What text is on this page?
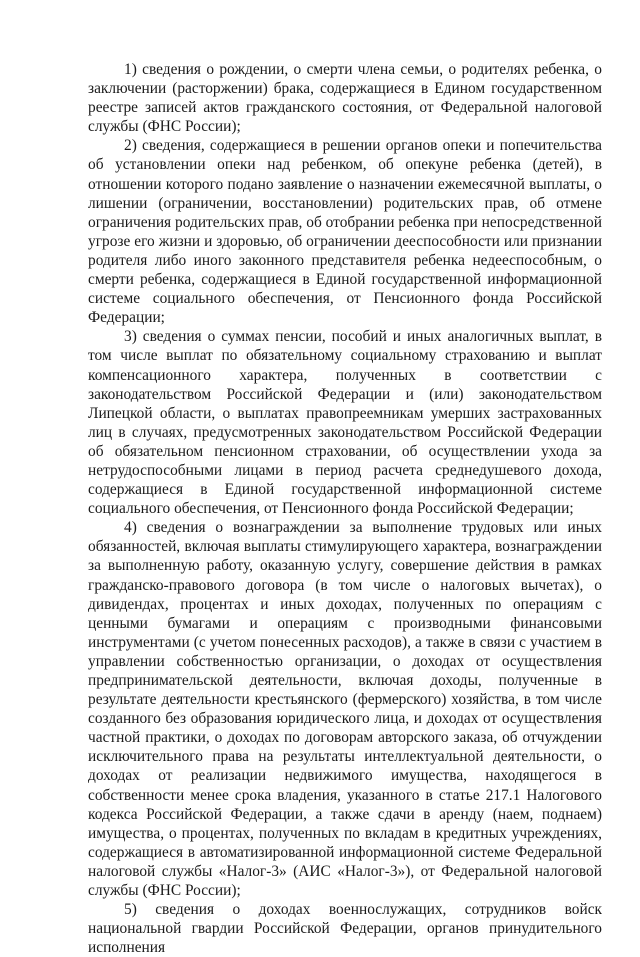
1) сведения о рождении, о смерти члена семьи, о родителях ребенка, о заключении (расторжении) брака, содержащиеся в Едином государственном реестре записей актов гражданского состояния, от Федеральной налоговой службы (ФНС России);

2) сведения, содержащиеся в решении органов опеки и попечительства об установлении опеки над ребенком, об опекуне ребенка (детей), в отношении которого подано заявление о назначении ежемесячной выплаты, о лишении (ограничении, восстановлении) родительских прав, об отмене ограничения родительских прав, об отобрании ребенка при непосредственной угрозе его жизни и здоровью, об ограничении дееспособности или признании родителя либо иного законного представителя ребенка недееспособным, о смерти ребенка, содержащиеся в Единой государственной информационной системе социального обеспечения, от Пенсионного фонда Российской Федерации;

3) сведения о суммах пенсии, пособий и иных аналогичных выплат, в том числе выплат по обязательному социальному страхованию и выплат компенсационного характера, полученных в соответствии с законодательством Российской Федерации и (или) законодательством Липецкой области, о выплатах правопреемникам умерших застрахованных лиц в случаях, предусмотренных законодательством Российской Федерации об обязательном пенсионном страховании, об осуществлении ухода за нетрудоспособными лицами в период расчета среднедушевого дохода, содержащиеся в Единой государственной информационной системе социального обеспечения, от Пенсионного фонда Российской Федерации;

4) сведения о вознаграждении за выполнение трудовых или иных обязанностей, включая выплаты стимулирующего характера, вознаграждении за выполненную работу, оказанную услугу, совершение действия в рамках гражданско-правового договора (в том числе о налоговых вычетах), о дивидендах, процентах и иных доходах, полученных по операциям с ценными бумагами и операциям с производными финансовыми инструментами (с учетом понесенных расходов), а также в связи с участием в управлении собственностью организации, о доходах от осуществления предпринимательской деятельности, включая доходы, полученные в результате деятельности крестьянского (фермерского) хозяйства, в том числе созданного без образования юридического лица, и доходах от осуществления частной практики, о доходах по договорам авторского заказа, об отчуждении исключительного права на результаты интеллектуальной деятельности, о доходах от реализации недвижимого имущества, находящегося в собственности менее срока владения, указанного в статье 217.1 Налогового кодекса Российской Федерации, а также сдачи в аренду (наем, поднаем) имущества, о процентах, полученных по вкладам в кредитных учреждениях, содержащиеся в автоматизированной информационной системе Федеральной налоговой службы «Налог-3» (АИС «Налог-3»), от Федеральной налоговой службы (ФНС России);

5) сведения о доходах военнослужащих, сотрудников войск национальной гвардии Российской Федерации, органов принудительного исполнения
